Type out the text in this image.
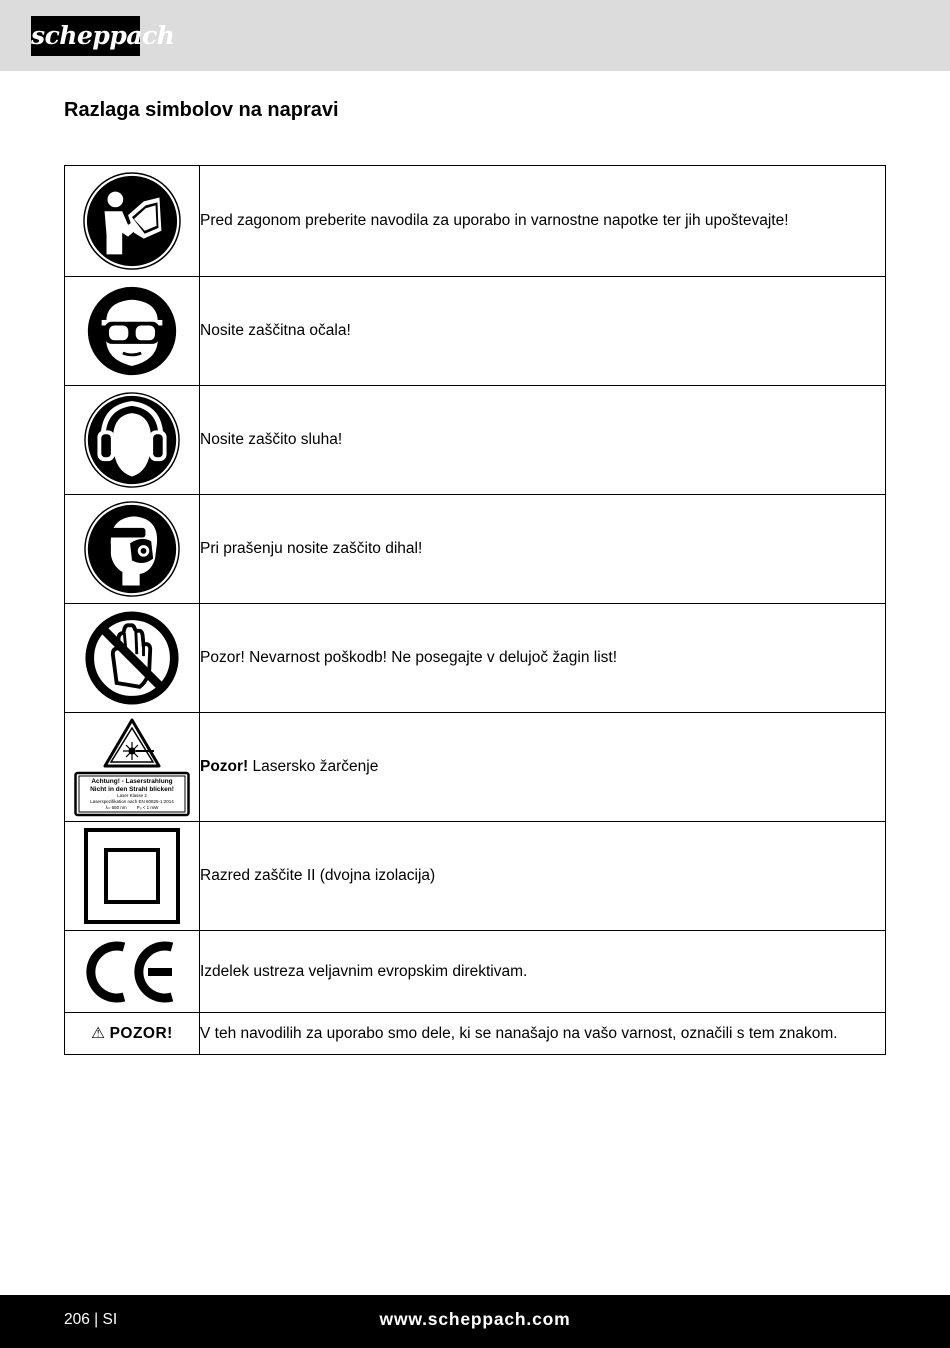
scheppach
Razlaga simbolov na napravi
	Pred zagonom preberite navodila za uporabo in varnostne napotke ter jih upoštevajte!

	Nosite zaščitna očala!

	Nosite zaščito sluha!

	Pri prašenju nosite zaščito dihal!

	Pozor! Nevarnost poškodb! Ne posegajte v delujoč žagin list!

Achtung! - Laserstrahlung
Nicht in den Strahl blicken!
Laser Klasse 2
Laserspezifikation nach EN 60825-1:2014
λ= 650 nm        P₀ < 1 mW	Pozor! Lasersko žarčenje

	Razred zaščite II (dvojna izolacija)

	Izdelek ustreza veljavnim evropskim direktivam.
⚠ POZOR!	V teh navodilih za uporabo smo dele, ki se nanašajo na vašo varnost, označili s tem znakom.
206 | SI	www.scheppach.com
